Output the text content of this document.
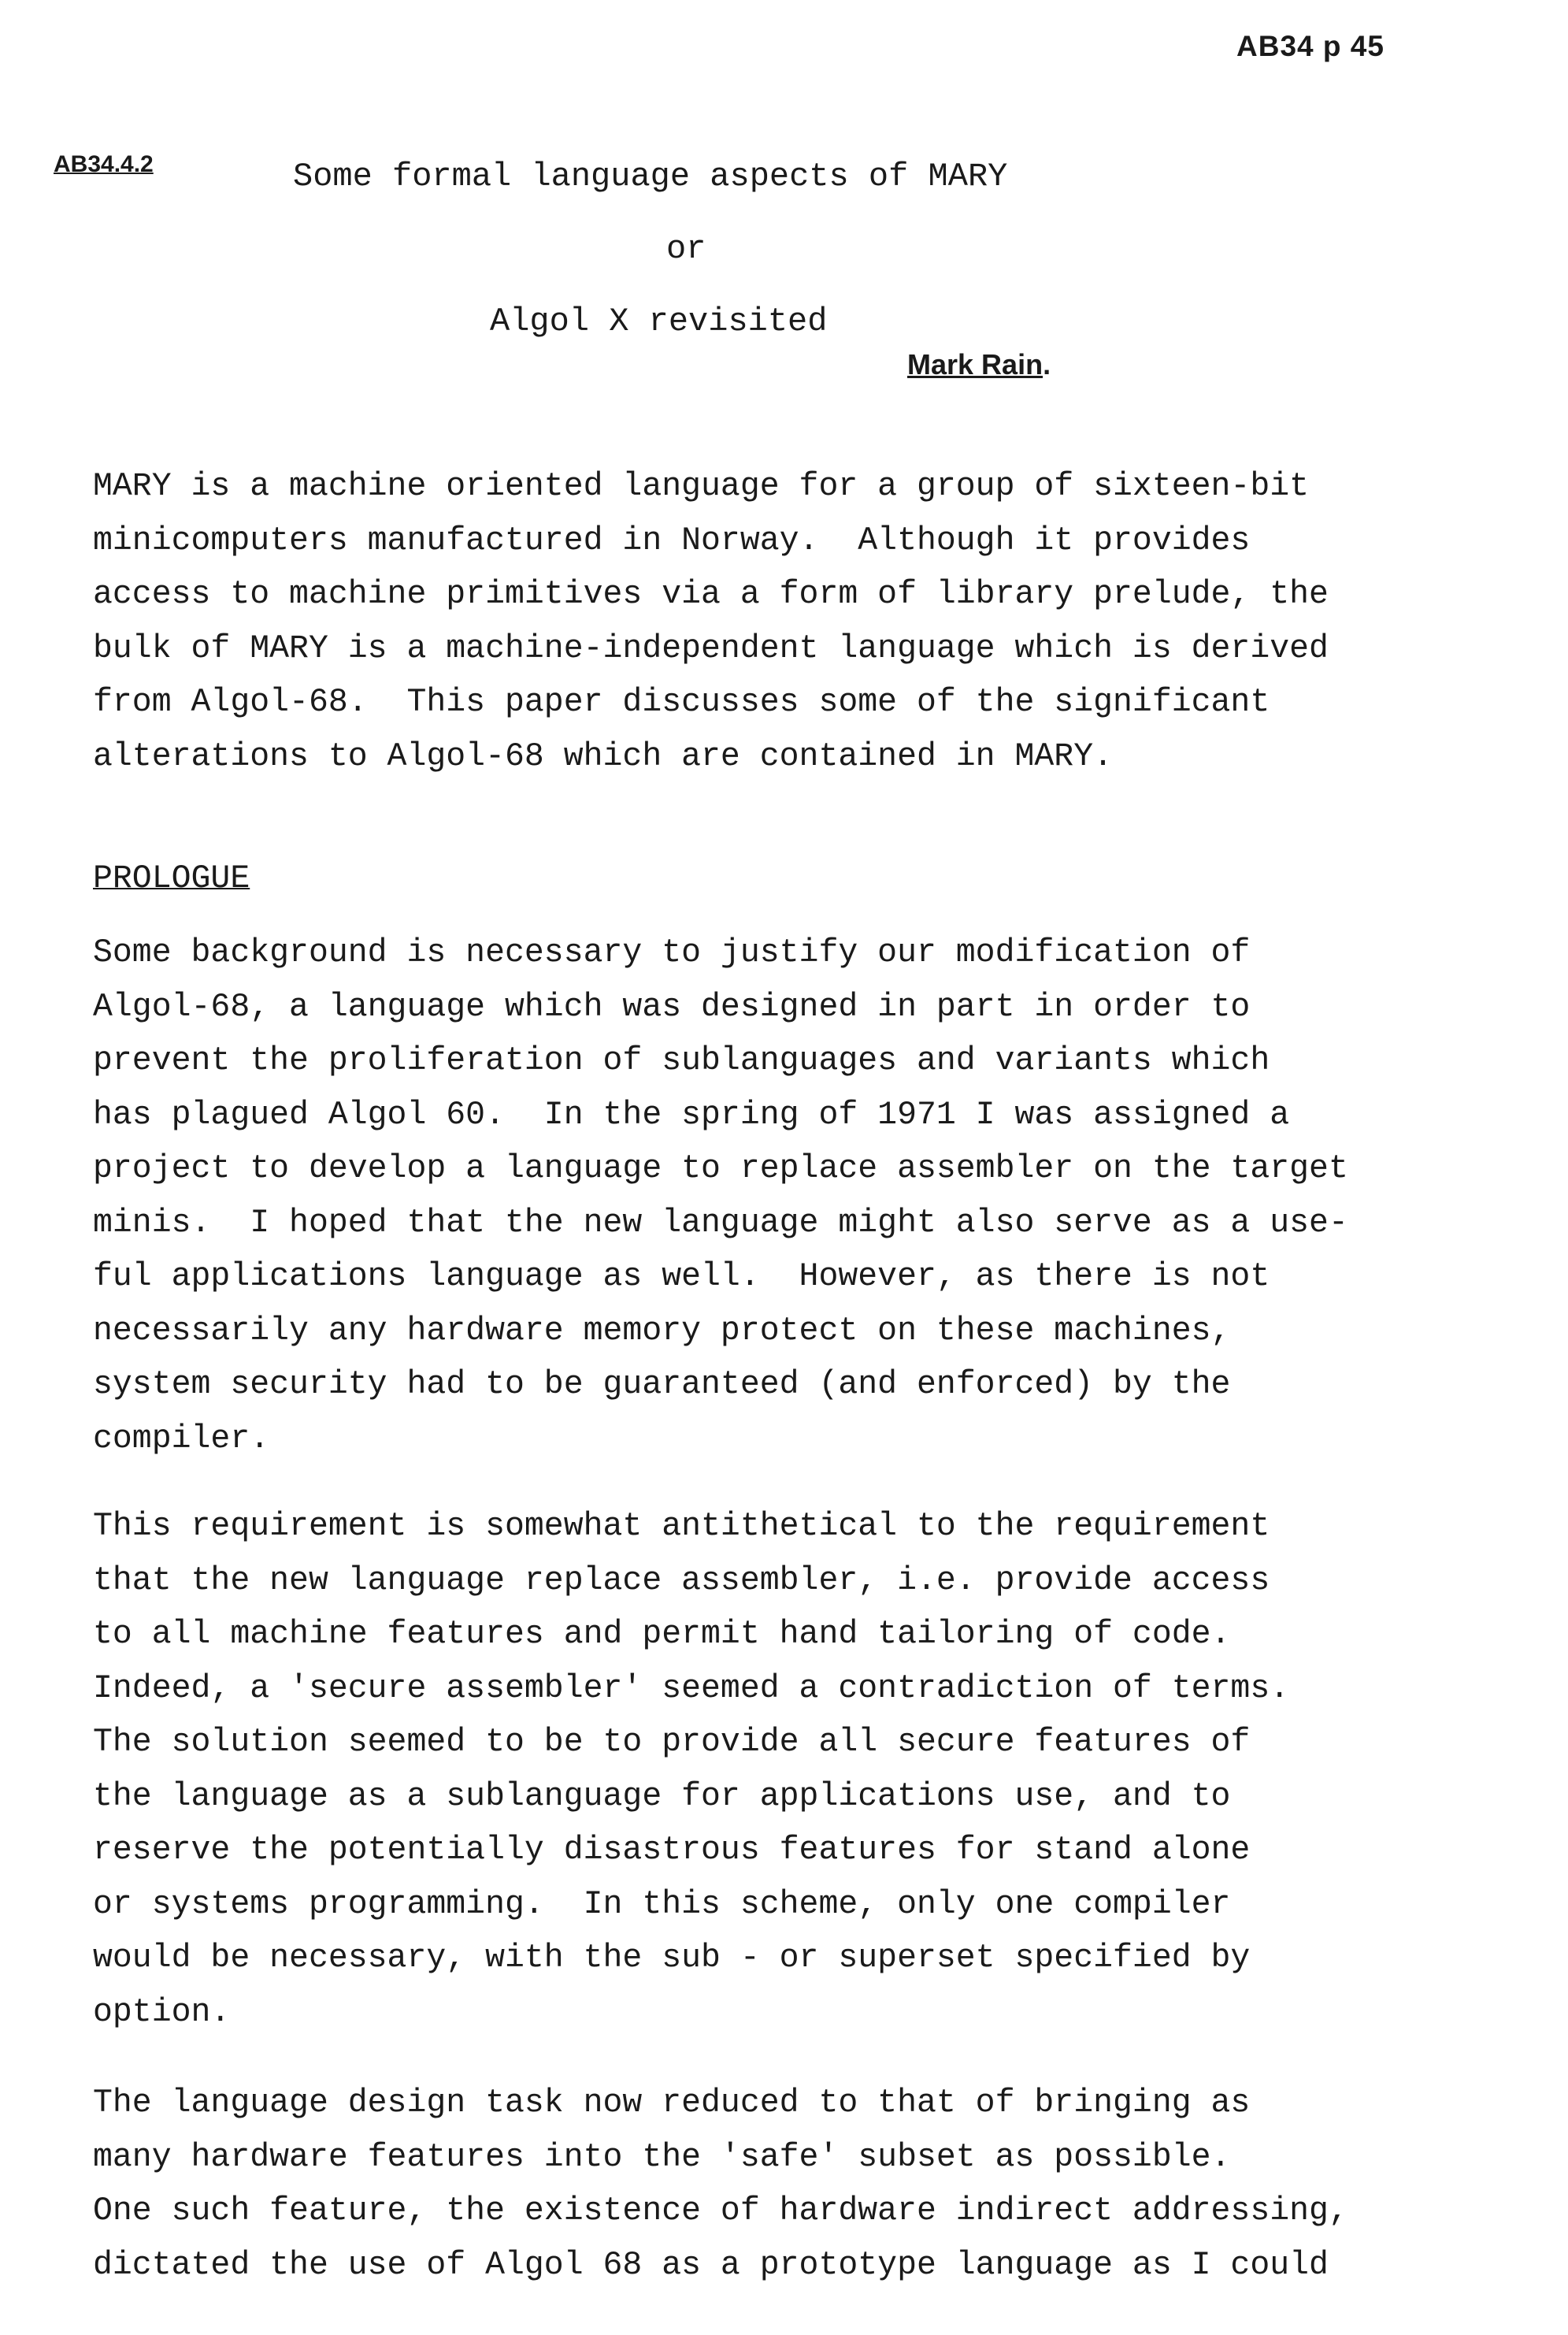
AB34 p 45
AB34.4.2	Some formal language aspects of MARY
or
Algol X revisited
Mark Rain.

MARY is a machine oriented language for a group of sixteen-bit
minicomputers manufactured in Norway.  Although it provides
access to machine primitives via a form of library prelude, the
bulk of MARY is a machine-independent language which is derived
from Algol-68.  This paper discusses some of the significant
alterations to Algol-68 which are contained in MARY.

PROLOGUE

Some background is necessary to justify our modification of
Algol-68, a language which was designed in part in order to
prevent the proliferation of sublanguages and variants which
has plagued Algol 60.  In the spring of 1971 I was assigned a
project to develop a language to replace assembler on the target
minis.  I hoped that the new language might also serve as a use-
ful applications language as well.  However, as there is not
necessarily any hardware memory protect on these machines,
system security had to be guaranteed (and enforced) by the
compiler.

This requirement is somewhat antithetical to the requirement
that the new language replace assembler, i.e. provide access
to all machine features and permit hand tailoring of code.
Indeed, a 'secure assembler' seemed a contradiction of terms.
The solution seemed to be to provide all secure features of
the language as a sublanguage for applications use, and to
reserve the potentially disastrous features for stand alone
or systems programming.  In this scheme, only one compiler
would be necessary, with the sub - or superset specified by
option.

The language design task now reduced to that of bringing as
many hardware features into the 'safe' subset as possible.
One such feature, the existence of hardware indirect addressing,
dictated the use of Algol 68 as a prototype language as I could
